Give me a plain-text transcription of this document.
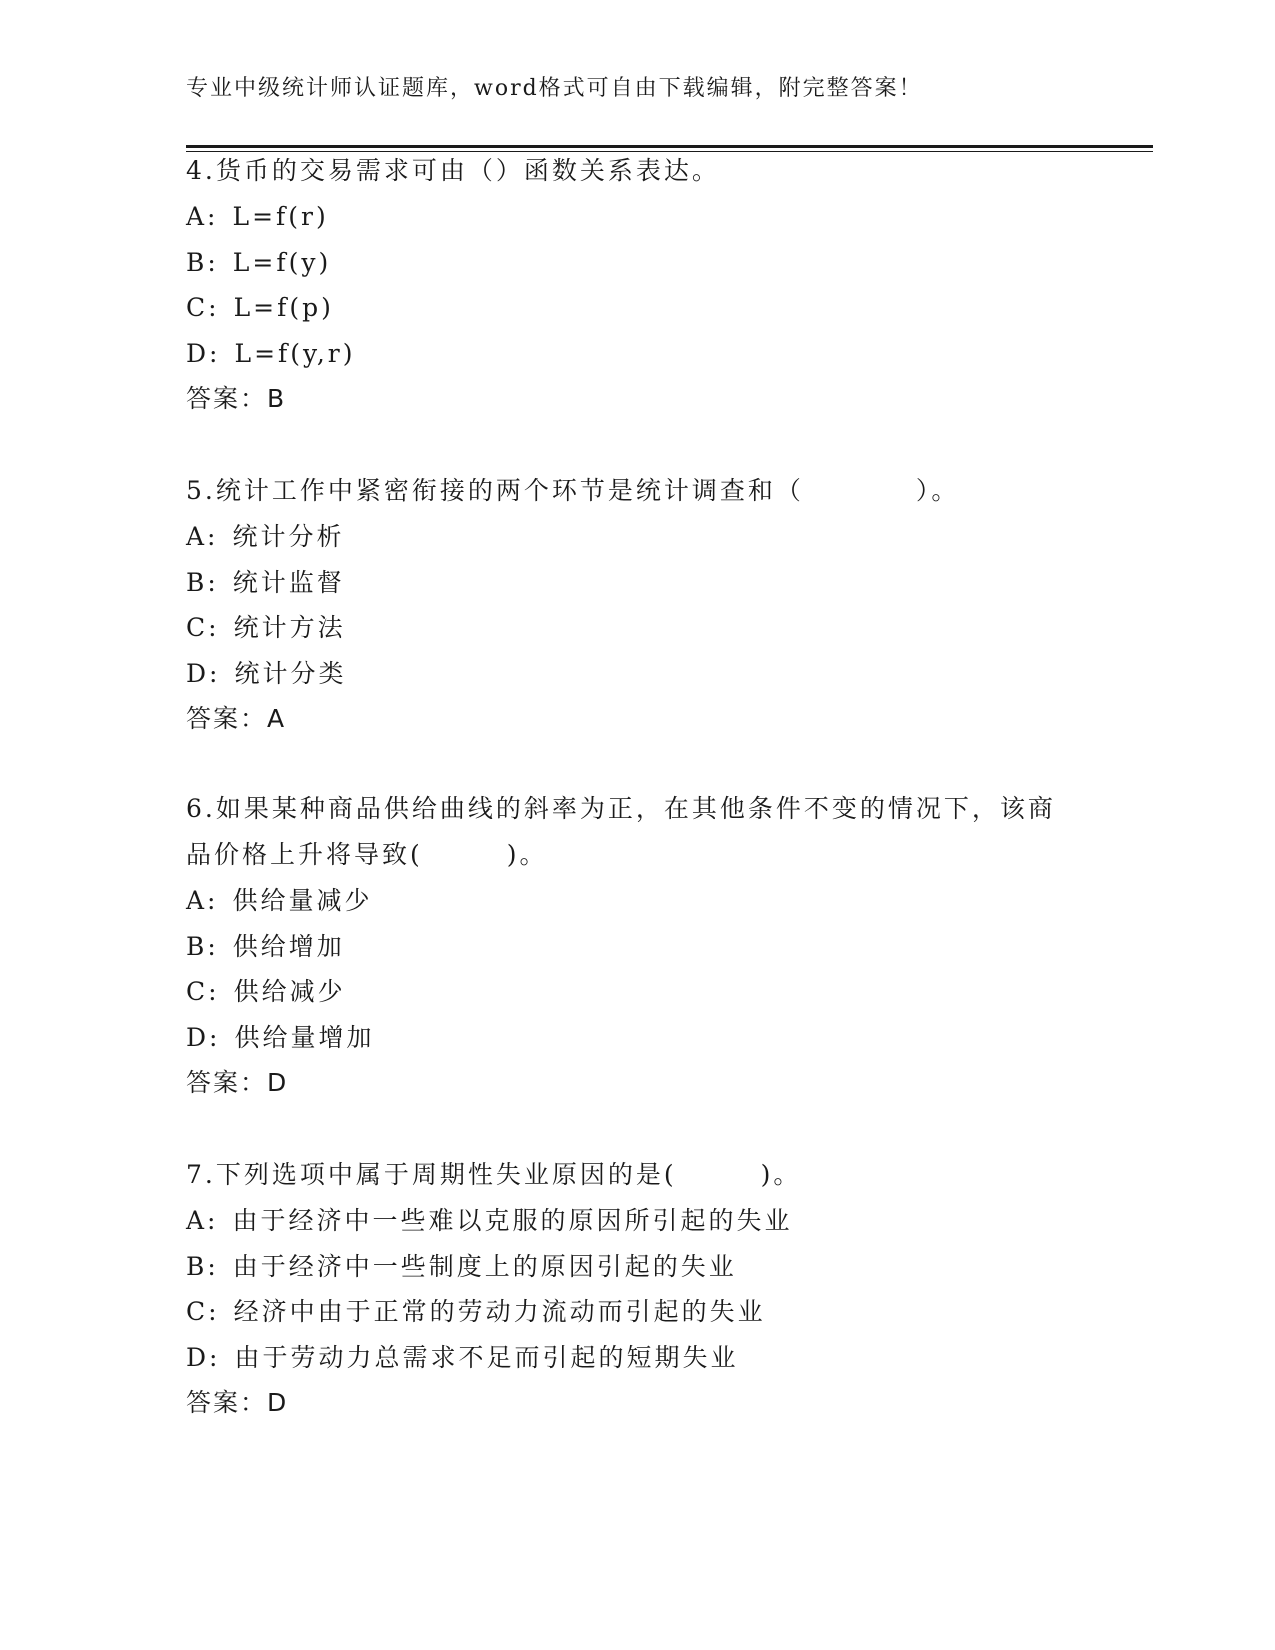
专业中级统计师认证题库，word格式可自由下载编辑，附完整答案！

4.货币的交易需求可由（）函数关系表达。

A: L=f(r)

B: L=f(y)

C: L=f(p)

D: L=f(y,r)

答案：B

5.统计工作中紧密衔接的两个环节是统计调查和（　　　　）。

A: 统计分析

B: 统计监督

C: 统计方法

D: 统计分类

答案：A

6.如果某种商品供给曲线的斜率为正，在其他条件不变的情况下，该商品价格上升将导致(　　　)。

A: 供给量减少

B: 供给增加

C: 供给减少

D: 供给量增加

答案：D

7.下列选项中属于周期性失业原因的是(　　　)。

A: 由于经济中一些难以克服的原因所引起的失业

B: 由于经济中一些制度上的原因引起的失业

C: 经济中由于正常的劳动力流动而引起的失业

D: 由于劳动力总需求不足而引起的短期失业

答案：D
